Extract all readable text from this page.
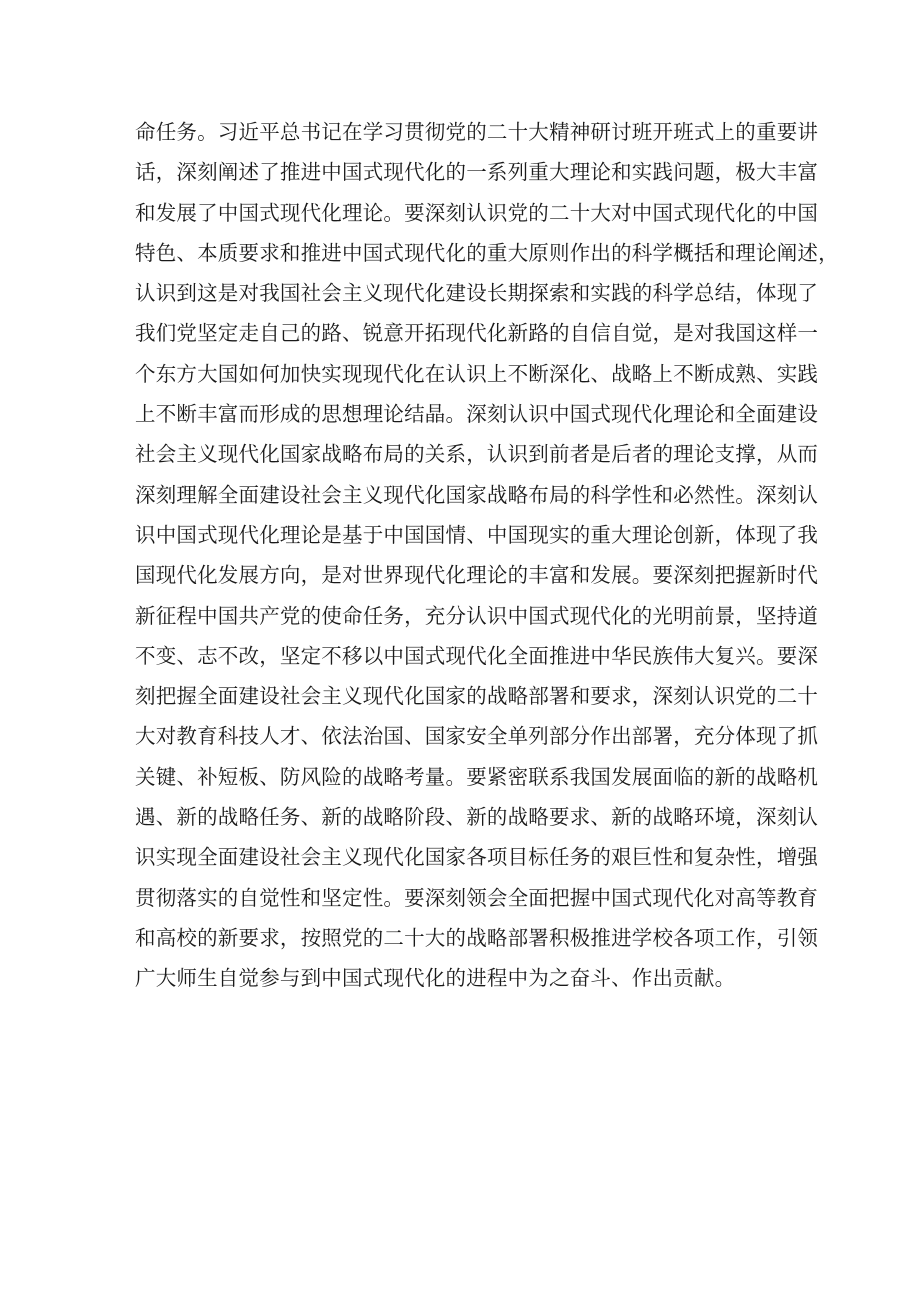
命任务。习近平总书记在学习贯彻党的二十大精神研讨班开班式上的重要讲
话，深刻阐述了推进中国式现代化的一系列重大理论和实践问题，极大丰富
和发展了中国式现代化理论。要深刻认识党的二十大对中国式现代化的中国
特色、本质要求和推进中国式现代化的重大原则作出的科学概括和理论阐述，
认识到这是对我国社会主义现代化建设长期探索和实践的科学总结，体现了
我们党坚定走自己的路、锐意开拓现代化新路的自信自觉，是对我国这样一
个东方大国如何加快实现现代化在认识上不断深化、战略上不断成熟、实践
上不断丰富而形成的思想理论结晶。深刻认识中国式现代化理论和全面建设
社会主义现代化国家战略布局的关系，认识到前者是后者的理论支撑，从而
深刻理解全面建设社会主义现代化国家战略布局的科学性和必然性。深刻认
识中国式现代化理论是基于中国国情、中国现实的重大理论创新，体现了我
国现代化发展方向，是对世界现代化理论的丰富和发展。要深刻把握新时代
新征程中国共产党的使命任务，充分认识中国式现代化的光明前景，坚持道
不变、志不改，坚定不移以中国式现代化全面推进中华民族伟大复兴。要深
刻把握全面建设社会主义现代化国家的战略部署和要求，深刻认识党的二十
大对教育科技人才、依法治国、国家安全单列部分作出部署，充分体现了抓
关键、补短板、防风险的战略考量。要紧密联系我国发展面临的新的战略机
遇、新的战略任务、新的战略阶段、新的战略要求、新的战略环境，深刻认
识实现全面建设社会主义现代化国家各项目标任务的艰巨性和复杂性，增强
贯彻落实的自觉性和坚定性。要深刻领会全面把握中国式现代化对高等教育
和高校的新要求，按照党的二十大的战略部署积极推进学校各项工作，引领
广大师生自觉参与到中国式现代化的进程中为之奋斗、作出贡献。
